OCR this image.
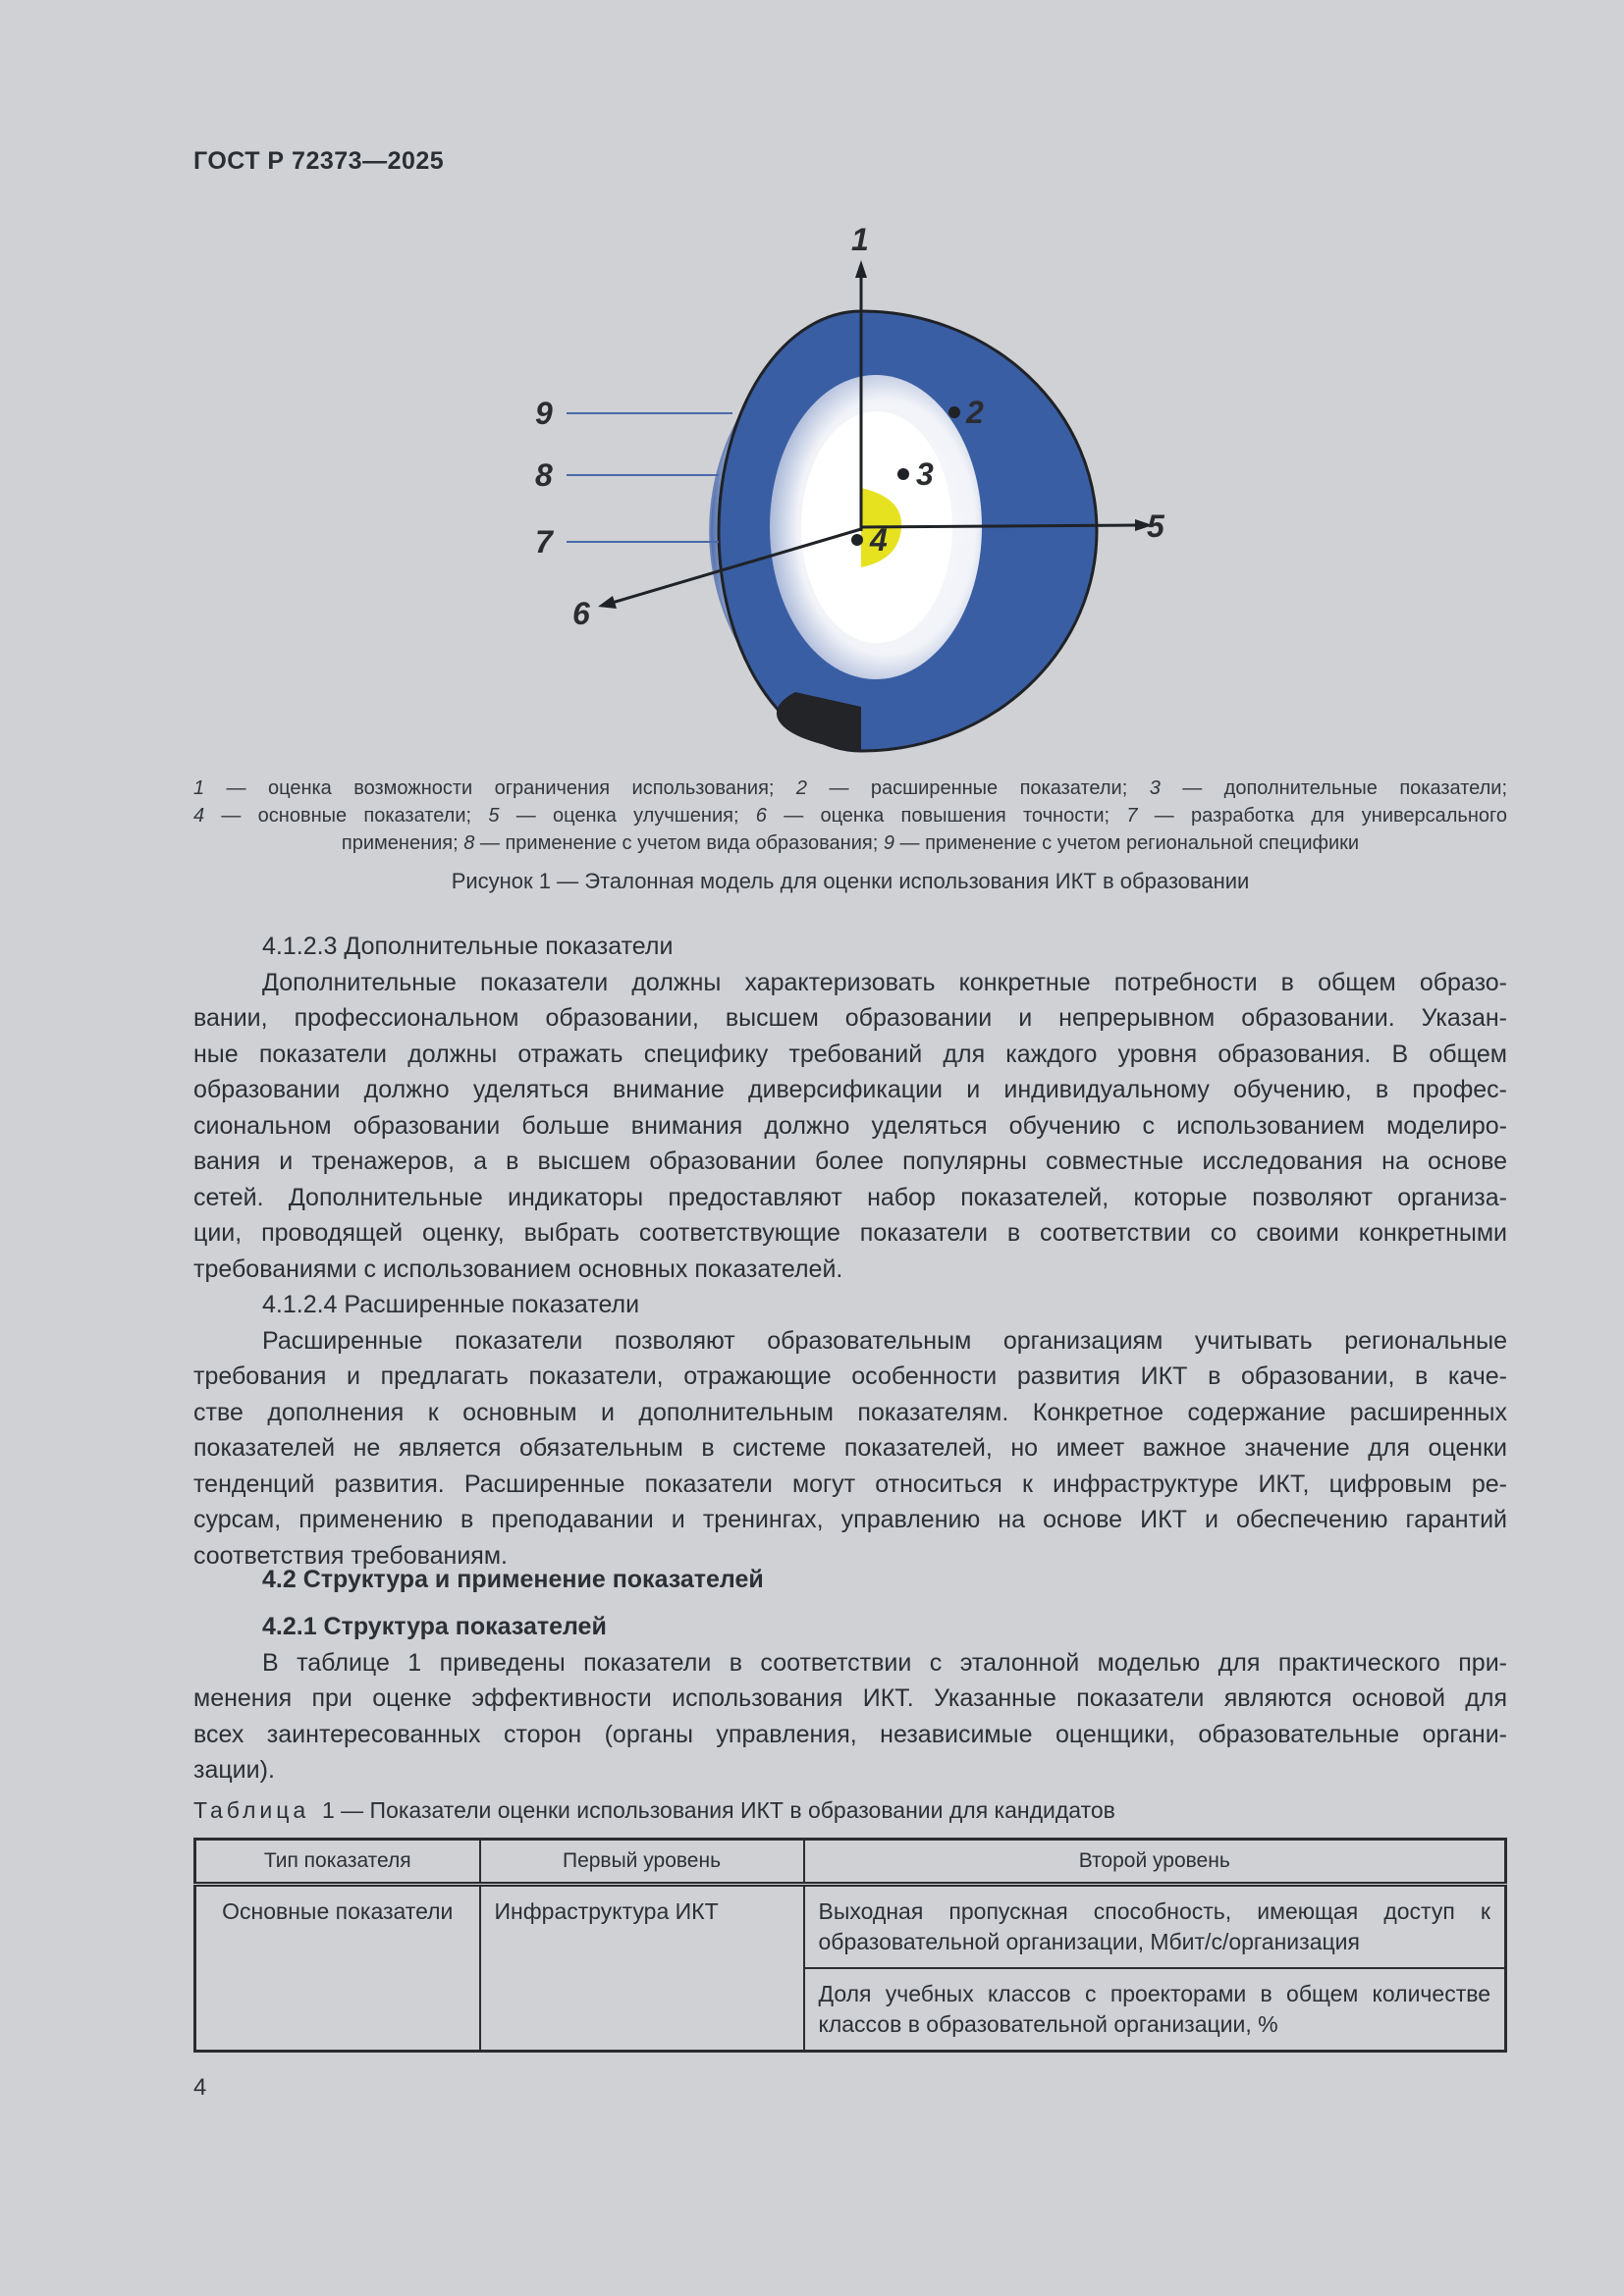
ГОСТ Р 72373—2025
1
2
3
4	5
6
7
8
9
1 — оценка возможности ограничения использования; 2 — расширенные показатели; 3 — дополнительные показатели;
4 — основные показатели; 5 — оценка улучшения; 6 — оценка повышения точности; 7 — разработка для универсального
применения; 8 — применение с учетом вида образования; 9 — применение с учетом региональной специфики
Рисунок 1 — Эталонная модель для оценки использования ИКТ в образовании
4.1.2.3 Дополнительные показатели
Дополнительные показатели должны характеризовать конкретные потребности в общем образо-
вании, профессиональном образовании, высшем образовании и непрерывном образовании. Указан-
ные показатели должны отражать специфику требований для каждого уровня образования. В общем
образовании должно уделяться внимание диверсификации и индивидуальному обучению, в профес-
сиональном образовании больше внимания должно уделяться обучению с использованием моделиро-
вания и тренажеров, а в высшем образовании более популярны совместные исследования на основе
сетей. Дополнительные индикаторы предоставляют набор показателей, которые позволяют организа-
ции, проводящей оценку, выбрать соответствующие показатели в соответствии со своими конкретными
требованиями с использованием основных показателей.
4.1.2.4 Расширенные показатели
Расширенные показатели позволяют образовательным организациям учитывать региональные
требования и предлагать показатели, отражающие особенности развития ИКТ в образовании, в каче-
стве дополнения к основным и дополнительным показателям. Конкретное содержание расширенных
показателей не является обязательным в системе показателей, но имеет важное значение для оценки
тенденций развития. Расширенные показатели могут относиться к инфраструктуре ИКТ, цифровым ре-
сурсам, применению в преподавании и тренингах, управлению на основе ИКТ и обеспечению гарантий
соответствия требованиям.
4.2 Структура и применение показателей
4.2.1 Структура показателей
В таблице 1 приведены показатели в соответствии с эталонной моделью для практического при-
менения при оценке эффективности использования ИКТ. Указанные показатели являются основой для
всех заинтересованных сторон (органы управления, независимые оценщики, образовательные органи-
зации).
Таблица 1 — Показатели оценки использования ИКТ в образовании для кандидатов
Тип показателя	Первый уровень	Второй уровень
Основные показатели	Инфраструктура ИКТ	Выходная пропускная способность, имеющая доступ к образовательной организации, Мбит/с/организация
		Доля учебных классов с проекторами в общем количестве классов в образовательной организации, %
4
